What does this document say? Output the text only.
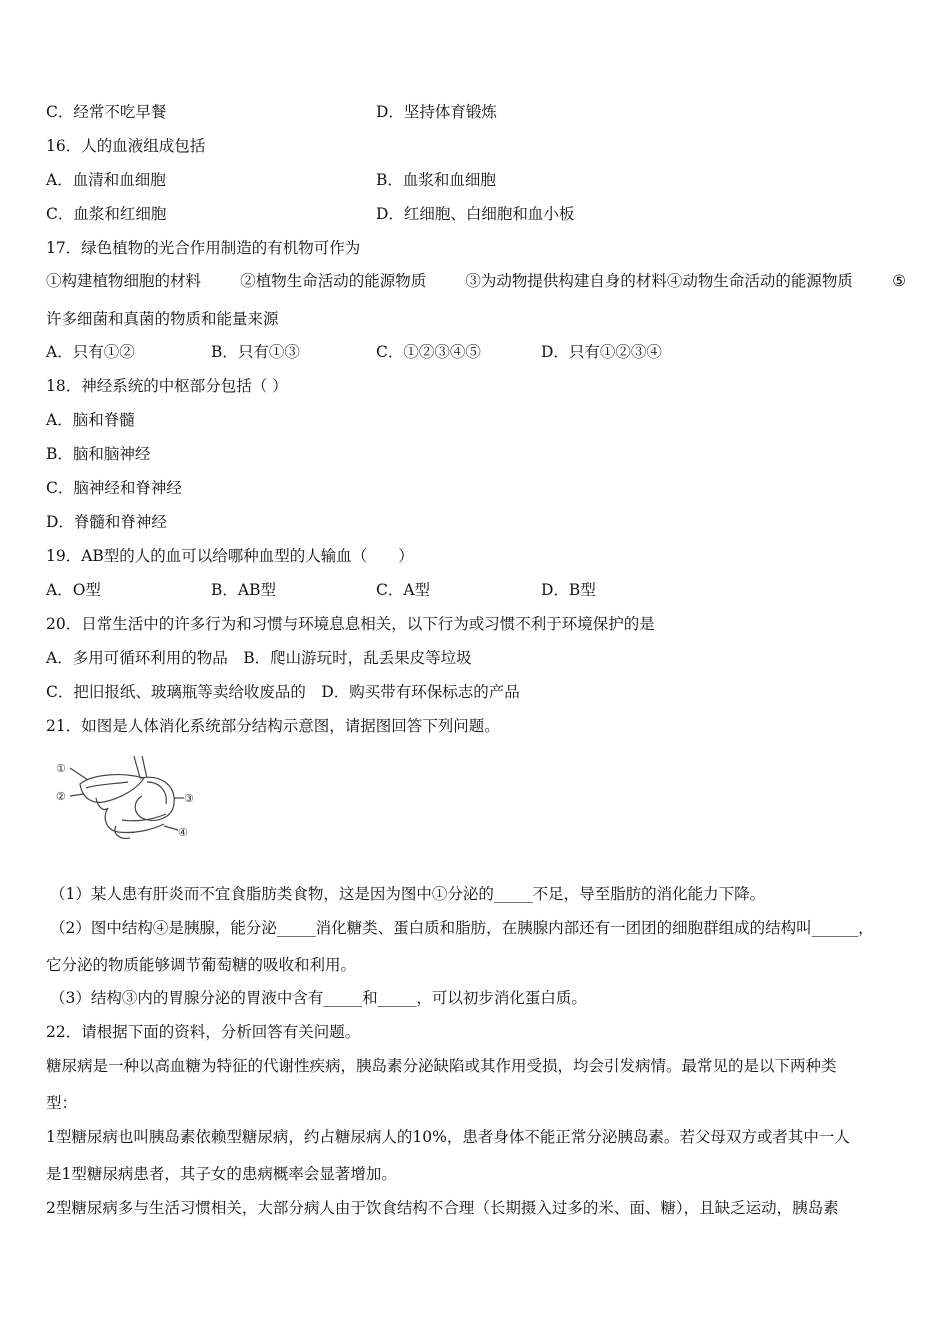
C．经常不吃早餐	D．坚持体育锻炼
16．人的血液组成包括
A．血清和血细胞	B．血浆和血细胞
C．血浆和红细胞	D．红细胞、白细胞和血小板
17．绿色植物的光合作用制造的有机物可作为
①构建植物细胞的材料	②植物生命活动的能源物质	③为动物提供构建自身的材料④动物生命活动的能源物质	⑤
许多细菌和真菌的物质和能量来源
A．只有①②	B．只有①③	C．①②③④⑤	D．只有①②③④
18．神经系统的中枢部分包括（ ）
A．脑和脊髓
B．脑和脑神经
C．脑神经和脊神经
D．脊髓和脊神经
19．AB型的人的血可以给哪种血型的人输血（　　）
A．O型	B．AB型	C．A型	D．B型
20．日常生活中的许多行为和习惯与环境息息相关，以下行为或习惯不利于环境保护的是
A．多用可循环利用的物品　B．爬山游玩时，乱丢果皮等垃圾
C．把旧报纸、玻璃瓶等卖给收废品的　D．购买带有环保标志的产品
21．如图是人体消化系统部分结构示意图，请据图回答下列问题。
①
②	③
④
（1）某人患有肝炎而不宜食脂肪类食物，这是因为图中①分泌的_____不足，导至脂肪的消化能力下降。
（2）图中结构④是胰腺，能分泌_____消化糖类、蛋白质和脂肪，在胰腺内部还有一团团的细胞群组成的结构叫______，
它分泌的物质能够调节葡萄糖的吸收和利用。
（3）结构③内的胃腺分泌的胃液中含有_____和_____，可以初步消化蛋白质。
22．请根据下面的资料，分析回答有关问题。
糖尿病是一种以高血糖为特征的代谢性疾病，胰岛素分泌缺陷或其作用受损，均会引发病情。最常见的是以下两种类
型：
1型糖尿病也叫胰岛素依赖型糖尿病，约占糖尿病人的10%，患者身体不能正常分泌胰岛素。若父母双方或者其中一人
是1型糖尿病患者，其子女的患病概率会显著增加。
2型糖尿病多与生活习惯相关，大部分病人由于饮食结构不合理（长期摄入过多的米、面、糖），且缺乏运动，胰岛素
